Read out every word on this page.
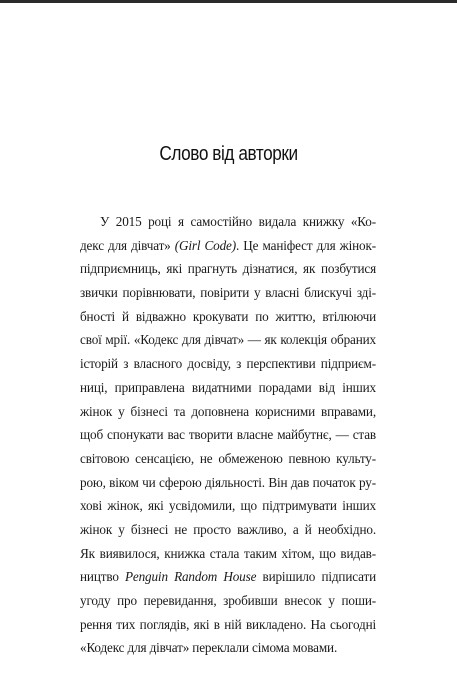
Слово від авторки
У 2015 році я самостійно видала книжку «Ко-
декс для дівчат» (Girl Code). Це маніфест для жінок-
підприємниць, які прагнуть дізнатися, як позбутися
звички порівнювати, повірити у власні блискучі зді-
бності й відважно крокувати по життю, втілюючи
свої мрії. «Кодекс для дівчат» — як колекція обраних
історій з власного досвіду, з перспективи підприєм-
ниці, приправлена видатними порадами від інших
жінок у бізнесі та доповнена корисними вправами,
щоб спонукати вас творити власне майбутнє, — став
світовою сенсацією, не обмеженою певною культу-
рою, віком чи сферою діяльності. Він дав початок ру-
хові жінок, які усвідомили, що підтримувати інших
жінок у бізнесі не просто важливо, а й необхідно.
Як виявилося, книжка стала таким хітом, що видав-
ництво Penguin Random House вирішило підписати
угоду про перевидання, зробивши внесок у поши-
рення тих поглядів, які в ній викладено. На сьогодні
«Кодекс для дівчат» переклали сімома мовами.
